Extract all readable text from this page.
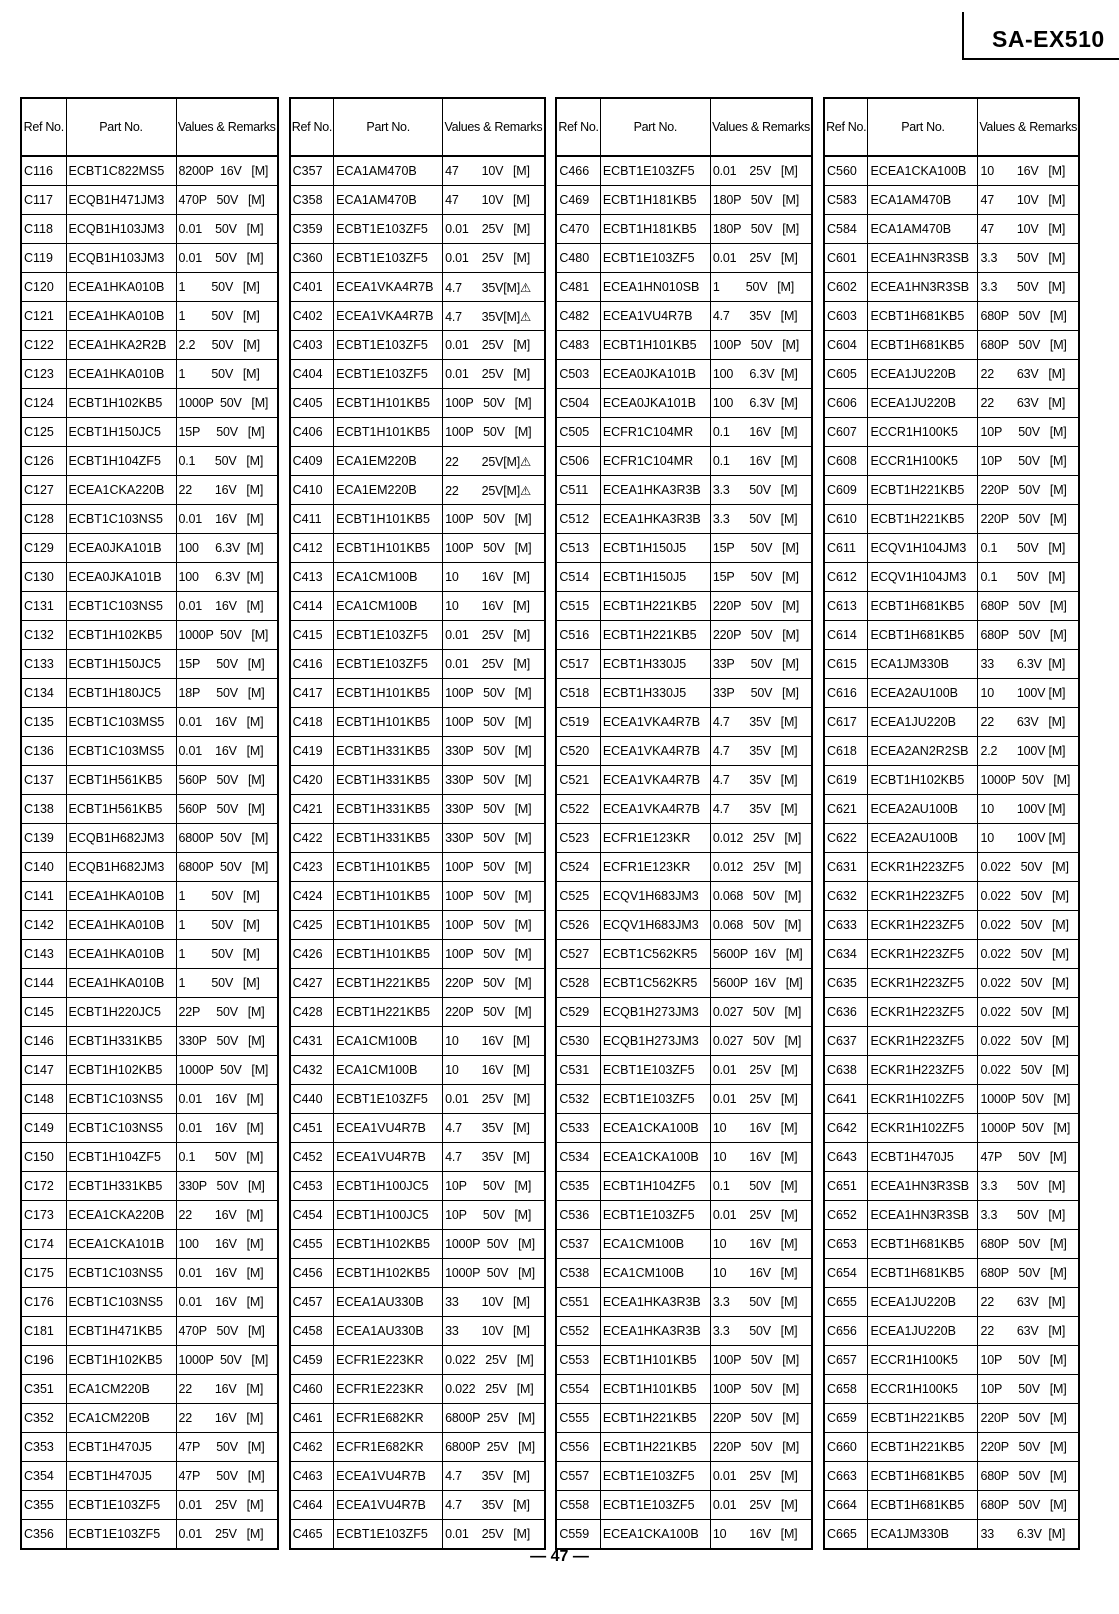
SA-EX510
Ref No.	Part No.	Values & Remarks
C116	ECBT1C822MS5	8200P  16V   [M]
C117	ECQB1H471JM3	470P   50V   [M]
C118	ECQB1H103JM3	0.01    50V   [M]
C119	ECQB1H103JM3	0.01    50V   [M]
C120	ECEA1HKA010B	1        50V   [M]
C121	ECEA1HKA010B	1        50V   [M]
C122	ECEA1HKA2R2B	2.2     50V   [M]
C123	ECEA1HKA010B	1        50V   [M]
C124	ECBT1H102KB5	1000P  50V   [M]
C125	ECBT1H150JC5	15P     50V   [M]
C126	ECBT1H104ZF5	0.1      50V   [M]
C127	ECEA1CKA220B	22       16V   [M]
C128	ECBT1C103NS5	0.01    16V   [M]
C129	ECEA0JKA101B	100     6.3V  [M]
C130	ECEA0JKA101B	100     6.3V  [M]
C131	ECBT1C103NS5	0.01    16V   [M]
C132	ECBT1H102KB5	1000P  50V   [M]
C133	ECBT1H150JC5	15P     50V   [M]
C134	ECBT1H180JC5	18P     50V   [M]
C135	ECBT1C103MS5	0.01    16V   [M]
C136	ECBT1C103MS5	0.01    16V   [M]
C137	ECBT1H561KB5	560P   50V   [M]
C138	ECBT1H561KB5	560P   50V   [M]
C139	ECQB1H682JM3	6800P  50V   [M]
C140	ECQB1H682JM3	6800P  50V   [M]
C141	ECEA1HKA010B	1        50V   [M]
C142	ECEA1HKA010B	1        50V   [M]
C143	ECEA1HKA010B	1        50V   [M]
C144	ECEA1HKA010B	1        50V   [M]
C145	ECBT1H220JC5	22P     50V   [M]
C146	ECBT1H331KB5	330P   50V   [M]
C147	ECBT1H102KB5	1000P  50V   [M]
C148	ECBT1C103NS5	0.01    16V   [M]
C149	ECBT1C103NS5	0.01    16V   [M]
C150	ECBT1H104ZF5	0.1      50V   [M]
C172	ECBT1H331KB5	330P   50V   [M]
C173	ECEA1CKA220B	22       16V   [M]
C174	ECEA1CKA101B	100     16V   [M]
C175	ECBT1C103NS5	0.01    16V   [M]
C176	ECBT1C103NS5	0.01    16V   [M]
C181	ECBT1H471KB5	470P   50V   [M]
C196	ECBT1H102KB5	1000P  50V   [M]
C351	ECA1CM220B	22       16V   [M]
C352	ECA1CM220B	22       16V   [M]
C353	ECBT1H470J5	47P     50V   [M]
C354	ECBT1H470J5	47P     50V   [M]
C355	ECBT1E103ZF5	0.01    25V   [M]
C356	ECBT1E103ZF5	0.01    25V   [M]
Ref No.	Part No.	Values & Remarks
C357	ECA1AM470B	47       10V   [M]
C358	ECA1AM470B	47       10V   [M]
C359	ECBT1E103ZF5	0.01    25V   [M]
C360	ECBT1E103ZF5	0.01    25V   [M]
C401	ECEA1VKA4R7B	4.7      35V[M]⚠
C402	ECEA1VKA4R7B	4.7      35V[M]⚠
C403	ECBT1E103ZF5	0.01    25V   [M]
C404	ECBT1E103ZF5	0.01    25V   [M]
C405	ECBT1H101KB5	100P   50V   [M]
C406	ECBT1H101KB5	100P   50V   [M]
C409	ECA1EM220B	22       25V[M]⚠
C410	ECA1EM220B	22       25V[M]⚠
C411	ECBT1H101KB5	100P   50V   [M]
C412	ECBT1H101KB5	100P   50V   [M]
C413	ECA1CM100B	10       16V   [M]
C414	ECA1CM100B	10       16V   [M]
C415	ECBT1E103ZF5	0.01    25V   [M]
C416	ECBT1E103ZF5	0.01    25V   [M]
C417	ECBT1H101KB5	100P   50V   [M]
C418	ECBT1H101KB5	100P   50V   [M]
C419	ECBT1H331KB5	330P   50V   [M]
C420	ECBT1H331KB5	330P   50V   [M]
C421	ECBT1H331KB5	330P   50V   [M]
C422	ECBT1H331KB5	330P   50V   [M]
C423	ECBT1H101KB5	100P   50V   [M]
C424	ECBT1H101KB5	100P   50V   [M]
C425	ECBT1H101KB5	100P   50V   [M]
C426	ECBT1H101KB5	100P   50V   [M]
C427	ECBT1H221KB5	220P   50V   [M]
C428	ECBT1H221KB5	220P   50V   [M]
C431	ECA1CM100B	10       16V   [M]
C432	ECA1CM100B	10       16V   [M]
C440	ECBT1E103ZF5	0.01    25V   [M]
C451	ECEA1VU4R7B	4.7      35V   [M]
C452	ECEA1VU4R7B	4.7      35V   [M]
C453	ECBT1H100JC5	10P     50V   [M]
C454	ECBT1H100JC5	10P     50V   [M]
C455	ECBT1H102KB5	1000P  50V   [M]
C456	ECBT1H102KB5	1000P  50V   [M]
C457	ECEA1AU330B	33       10V   [M]
C458	ECEA1AU330B	33       10V   [M]
C459	ECFR1E223KR	0.022   25V   [M]
C460	ECFR1E223KR	0.022   25V   [M]
C461	ECFR1E682KR	6800P  25V   [M]
C462	ECFR1E682KR	6800P  25V   [M]
C463	ECEA1VU4R7B	4.7      35V   [M]
C464	ECEA1VU4R7B	4.7      35V   [M]
C465	ECBT1E103ZF5	0.01    25V   [M]
Ref No.	Part No.	Values & Remarks
C466	ECBT1E103ZF5	0.01    25V   [M]
C469	ECBT1H181KB5	180P   50V   [M]
C470	ECBT1H181KB5	180P   50V   [M]
C480	ECBT1E103ZF5	0.01    25V   [M]
C481	ECEA1HN010SB	1        50V   [M]
C482	ECEA1VU4R7B	4.7      35V   [M]
C483	ECBT1H101KB5	100P   50V   [M]
C503	ECEA0JKA101B	100     6.3V  [M]
C504	ECEA0JKA101B	100     6.3V  [M]
C505	ECFR1C104MR	0.1      16V   [M]
C506	ECFR1C104MR	0.1      16V   [M]
C511	ECEA1HKA3R3B	3.3      50V   [M]
C512	ECEA1HKA3R3B	3.3      50V   [M]
C513	ECBT1H150J5	15P     50V   [M]
C514	ECBT1H150J5	15P     50V   [M]
C515	ECBT1H221KB5	220P   50V   [M]
C516	ECBT1H221KB5	220P   50V   [M]
C517	ECBT1H330J5	33P     50V   [M]
C518	ECBT1H330J5	33P     50V   [M]
C519	ECEA1VKA4R7B	4.7      35V   [M]
C520	ECEA1VKA4R7B	4.7      35V   [M]
C521	ECEA1VKA4R7B	4.7      35V   [M]
C522	ECEA1VKA4R7B	4.7      35V   [M]
C523	ECFR1E123KR	0.012   25V   [M]
C524	ECFR1E123KR	0.012   25V   [M]
C525	ECQV1H683JM3	0.068   50V   [M]
C526	ECQV1H683JM3	0.068   50V   [M]
C527	ECBT1C562KR5	5600P  16V   [M]
C528	ECBT1C562KR5	5600P  16V   [M]
C529	ECQB1H273JM3	0.027   50V   [M]
C530	ECQB1H273JM3	0.027   50V   [M]
C531	ECBT1E103ZF5	0.01    25V   [M]
C532	ECBT1E103ZF5	0.01    25V   [M]
C533	ECEA1CKA100B	10       16V   [M]
C534	ECEA1CKA100B	10       16V   [M]
C535	ECBT1H104ZF5	0.1      50V   [M]
C536	ECBT1E103ZF5	0.01    25V   [M]
C537	ECA1CM100B	10       16V   [M]
C538	ECA1CM100B	10       16V   [M]
C551	ECEA1HKA3R3B	3.3      50V   [M]
C552	ECEA1HKA3R3B	3.3      50V   [M]
C553	ECBT1H101KB5	100P   50V   [M]
C554	ECBT1H101KB5	100P   50V   [M]
C555	ECBT1H221KB5	220P   50V   [M]
C556	ECBT1H221KB5	220P   50V   [M]
C557	ECBT1E103ZF5	0.01    25V   [M]
C558	ECBT1E103ZF5	0.01    25V   [M]
C559	ECEA1CKA100B	10       16V   [M]
Ref No.	Part No.	Values & Remarks
C560	ECEA1CKA100B	10       16V   [M]
C583	ECA1AM470B	47       10V   [M]
C584	ECA1AM470B	47       10V   [M]
C601	ECEA1HN3R3SB	3.3      50V   [M]
C602	ECEA1HN3R3SB	3.3      50V   [M]
C603	ECBT1H681KB5	680P   50V   [M]
C604	ECBT1H681KB5	680P   50V   [M]
C605	ECEA1JU220B	22       63V   [M]
C606	ECEA1JU220B	22       63V   [M]
C607	ECCR1H100K5	10P     50V   [M]
C608	ECCR1H100K5	10P     50V   [M]
C609	ECBT1H221KB5	220P   50V   [M]
C610	ECBT1H221KB5	220P   50V   [M]
C611	ECQV1H104JM3	0.1      50V   [M]
C612	ECQV1H104JM3	0.1      50V   [M]
C613	ECBT1H681KB5	680P   50V   [M]
C614	ECBT1H681KB5	680P   50V   [M]
C615	ECA1JM330B	33       6.3V  [M]
C616	ECEA2AU100B	10       100V [M]
C617	ECEA1JU220B	22       63V   [M]
C618	ECEA2AN2R2SB	2.2      100V [M]
C619	ECBT1H102KB5	1000P  50V   [M]
C621	ECEA2AU100B	10       100V [M]
C622	ECEA2AU100B	10       100V [M]
C631	ECKR1H223ZF5	0.022   50V   [M]
C632	ECKR1H223ZF5	0.022   50V   [M]
C633	ECKR1H223ZF5	0.022   50V   [M]
C634	ECKR1H223ZF5	0.022   50V   [M]
C635	ECKR1H223ZF5	0.022   50V   [M]
C636	ECKR1H223ZF5	0.022   50V   [M]
C637	ECKR1H223ZF5	0.022   50V   [M]
C638	ECKR1H223ZF5	0.022   50V   [M]
C641	ECKR1H102ZF5	1000P  50V   [M]
C642	ECKR1H102ZF5	1000P  50V   [M]
C643	ECBT1H470J5	47P     50V   [M]
C651	ECEA1HN3R3SB	3.3      50V   [M]
C652	ECEA1HN3R3SB	3.3      50V   [M]
C653	ECBT1H681KB5	680P   50V   [M]
C654	ECBT1H681KB5	680P   50V   [M]
C655	ECEA1JU220B	22       63V   [M]
C656	ECEA1JU220B	22       63V   [M]
C657	ECCR1H100K5	10P     50V   [M]
C658	ECCR1H100K5	10P     50V   [M]
C659	ECBT1H221KB5	220P   50V   [M]
C660	ECBT1H221KB5	220P   50V   [M]
C663	ECBT1H681KB5	680P   50V   [M]
C664	ECBT1H681KB5	680P   50V   [M]
C665	ECA1JM330B	33       6.3V  [M]
— 47 —
